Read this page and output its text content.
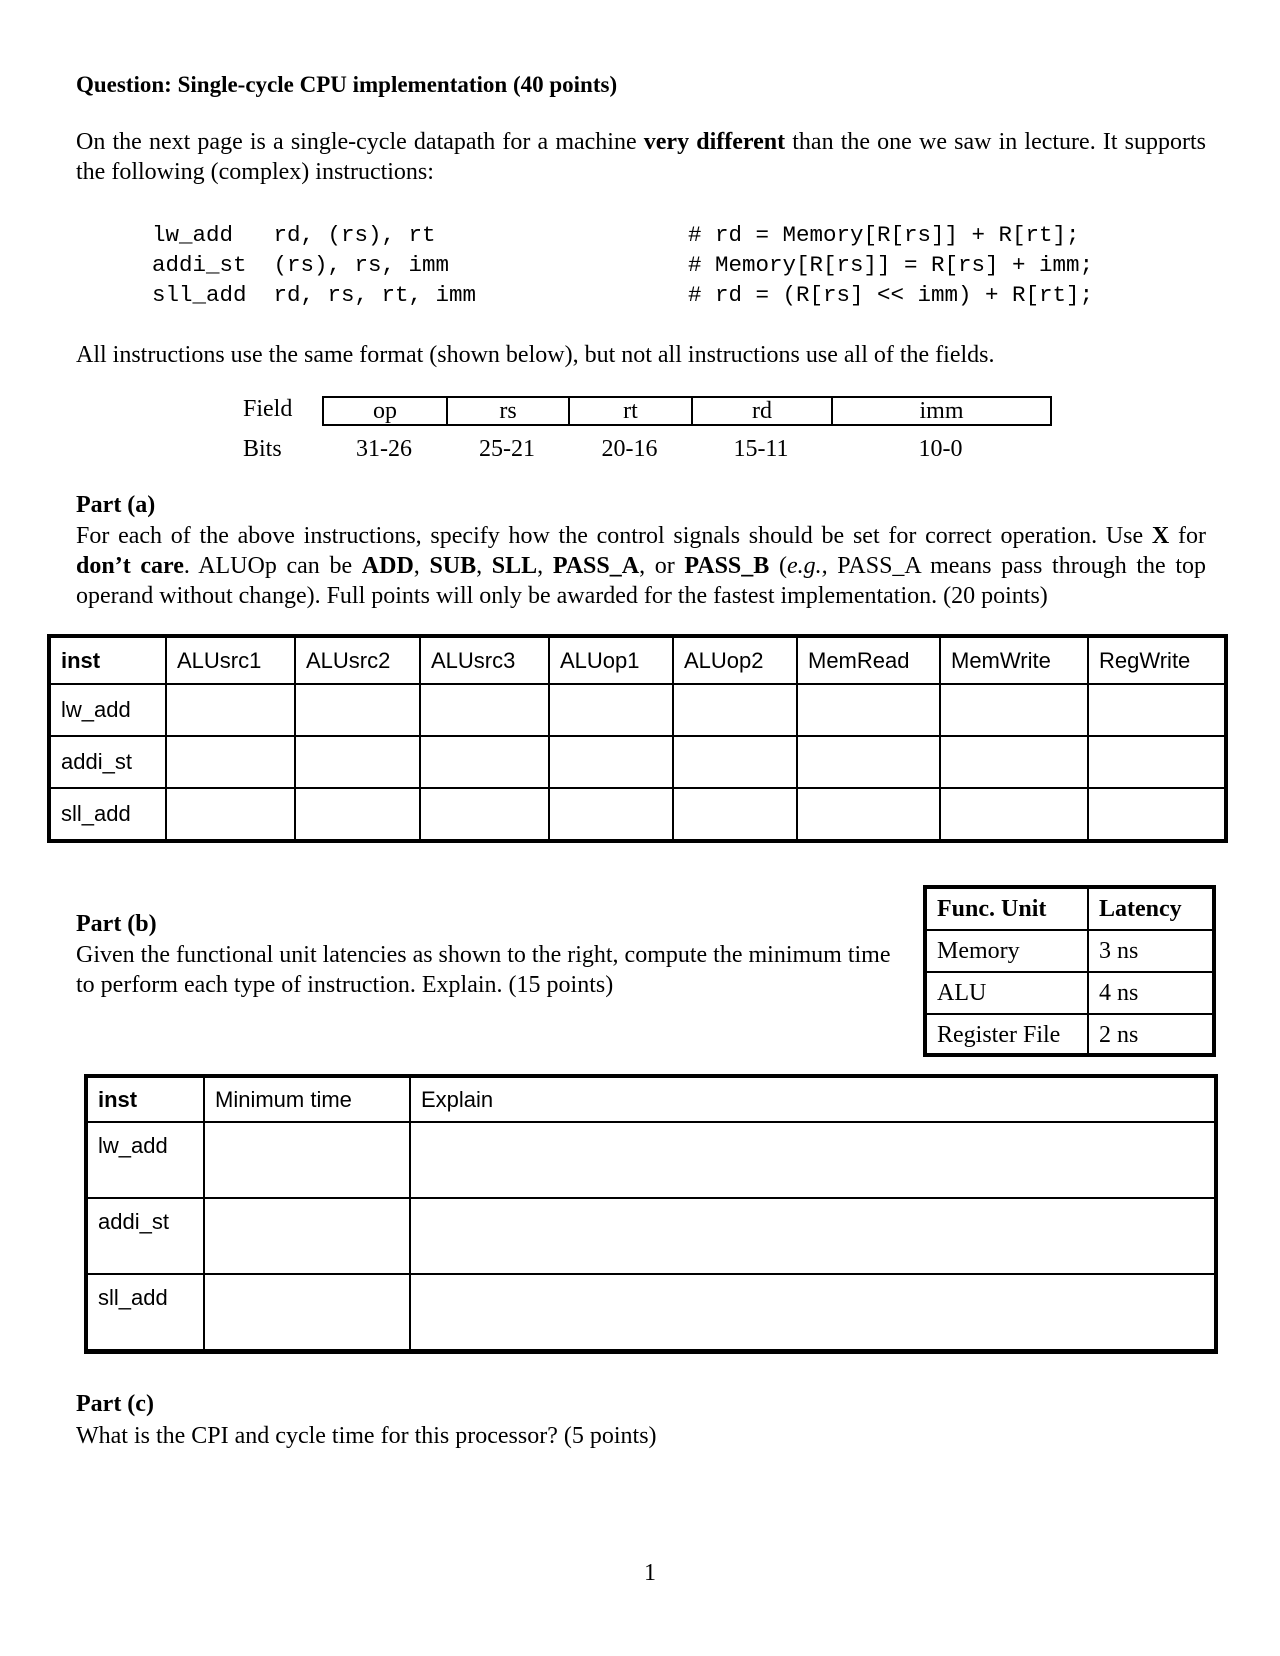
Question: Single-cycle CPU implementation (40 points)
On the next page is a single-cycle datapath for a machine very different than the one we saw in lecture. It supports the following (complex) instructions:
lw_add   rd, (rs), rt	# rd = Memory[R[rs]] + R[rt];
addi_st  (rs), rs, imm	# Memory[R[rs]] = R[rs] + imm;
sll_add  rd, rs, rt, imm	# rd = (R[rs] << imm) + R[rt];
All instructions use the same format (shown below), but not all instructions use all of the fields.
Field	op	rs	rt	rd	imm
Bits	31-26	25-21	20-16	15-11	10-0
Part (a)
For each of the above instructions, specify how the control signals should be set for correct operation. Use X for don’t care. ALUOp can be ADD, SUB, SLL, PASS_A, or PASS_B (e.g., PASS_A means pass through the top operand without change). Full points will only be awarded for the fastest implementation. (20 points)
inst	ALUsrc1	ALUsrc2	ALUsrc3	ALUop1	ALUop2	MemRead	MemWrite	RegWrite
lw_add								
addi_st								
sll_add								
Part (b)
Given the functional unit latencies as shown to the right, compute the minimum time to perform each type of instruction. Explain. (15 points)
Func. Unit	Latency
Memory	3 ns
ALU	4 ns
Register File	2 ns
inst	Minimum time	Explain
lw_add		
addi_st		
sll_add		
Part (c)
What is the CPI and cycle time for this processor? (5 points)
1
